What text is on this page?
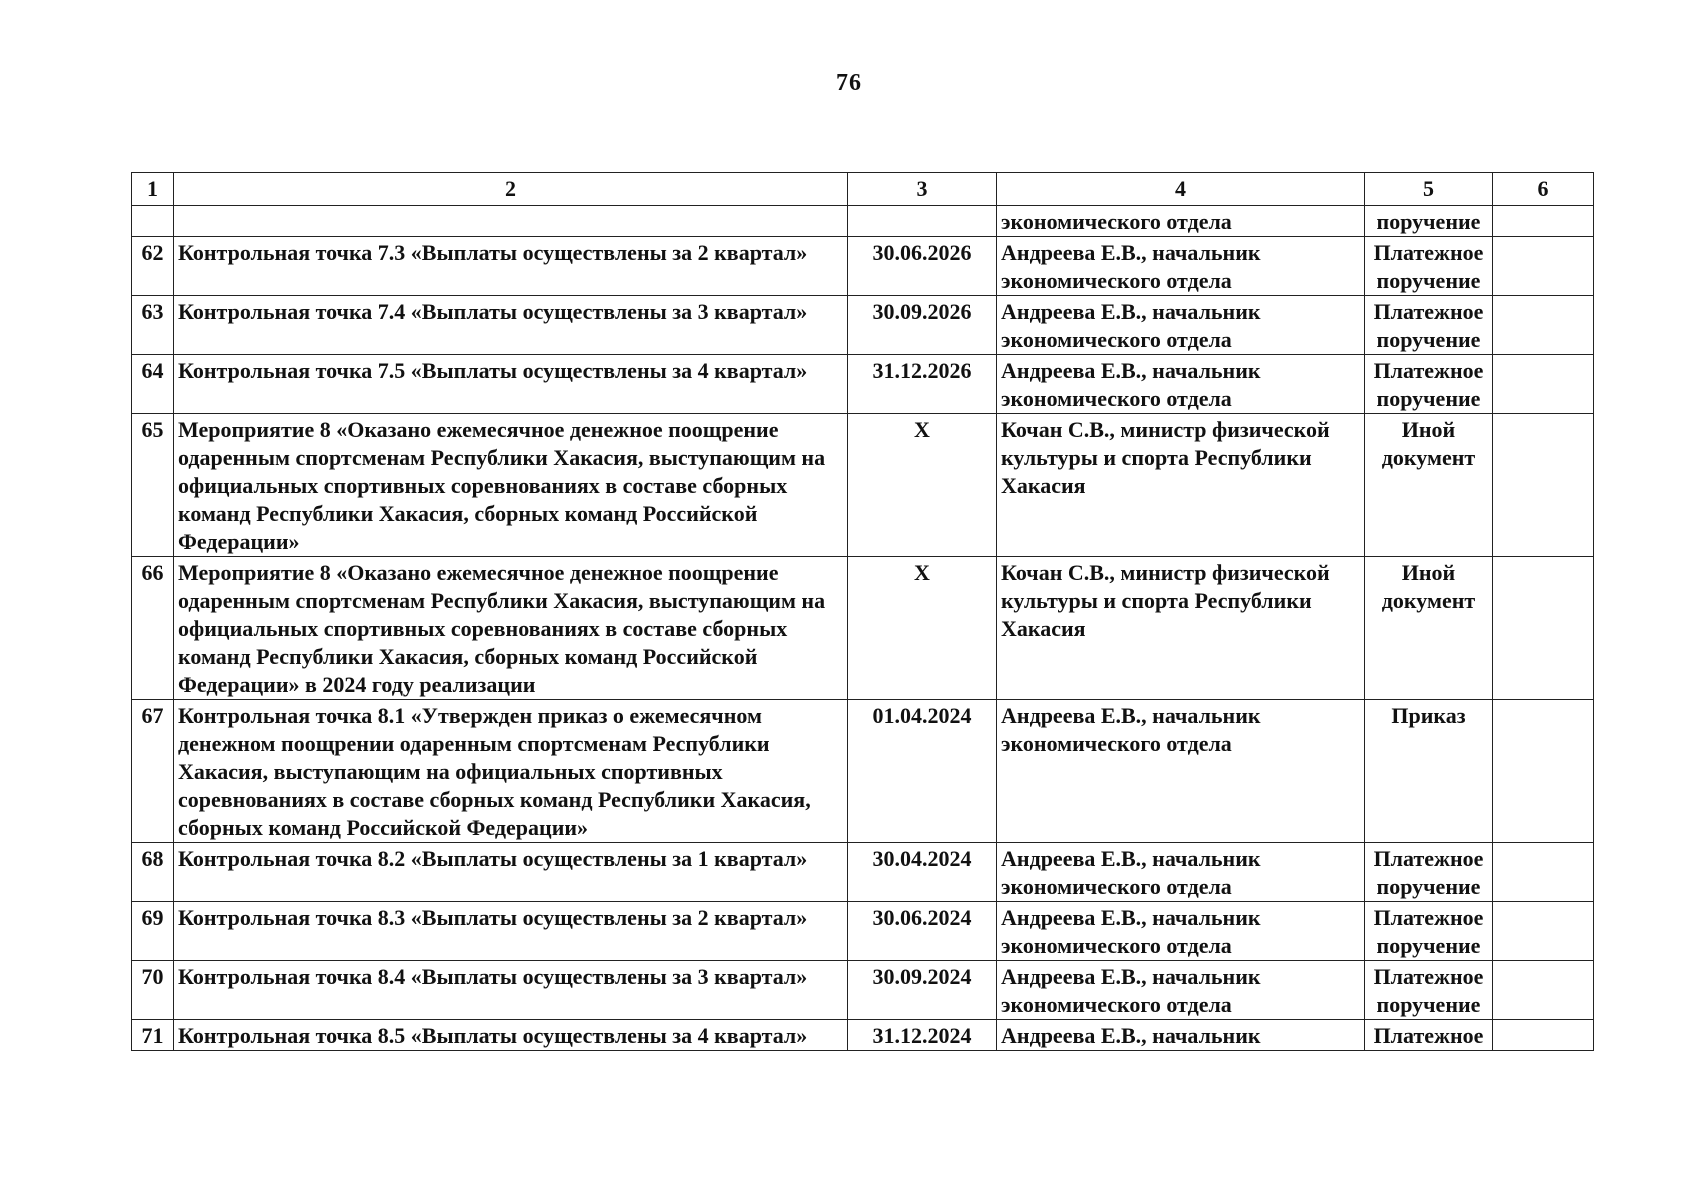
76
1	2	3	4	5	6
			экономического отдела	поручение	
62	Контрольная точка 7.3 «Выплаты осуществлены за 2 квартал»	30.06.2026	Андреева Е.В., начальник экономического отдела	Платежное поручение	
63	Контрольная точка 7.4 «Выплаты осуществлены за 3 квартал»	30.09.2026	Андреева Е.В., начальник экономического отдела	Платежное поручение	
64	Контрольная точка 7.5 «Выплаты осуществлены за 4 квартал»	31.12.2026	Андреева Е.В., начальник экономического отдела	Платежное поручение	
65	Мероприятие 8 «Оказано ежемесячное денежное поощрение одаренным спортсменам Республики Хакасия, выступающим на официальных спортивных соревнованиях в составе сборных команд Республики Хакасия, сборных команд Российской Федерации»	Х	Кочан С.В., министр физической культуры и спорта Республики Хакасия	Иной документ	
66	Мероприятие 8 «Оказано ежемесячное денежное поощрение одаренным спортсменам Республики Хакасия, выступающим на официальных спортивных соревнованиях в составе сборных команд Республики Хакасия, сборных команд Российской Федерации» в 2024 году реализации	Х	Кочан С.В., министр физической культуры и спорта Республики Хакасия	Иной документ	
67	Контрольная точка 8.1 «Утвержден приказ о ежемесячном денежном поощрении одаренным спортсменам Республики Хакасия, выступающим на официальных спортивных соревнованиях в составе сборных команд Республики Хакасия, сборных команд Российской Федерации»	01.04.2024	Андреева Е.В., начальник экономического отдела	Приказ	
68	Контрольная точка 8.2 «Выплаты осуществлены за 1 квартал»	30.04.2024	Андреева Е.В., начальник экономического отдела	Платежное поручение	
69	Контрольная точка 8.3 «Выплаты осуществлены за 2 квартал»	30.06.2024	Андреева Е.В., начальник экономического отдела	Платежное поручение	
70	Контрольная точка 8.4 «Выплаты осуществлены за 3 квартал»	30.09.2024	Андреева Е.В., начальник экономического отдела	Платежное поручение	
71	Контрольная точка 8.5 «Выплаты осуществлены за 4 квартал»	31.12.2024	Андреева Е.В., начальник	Платежное	
